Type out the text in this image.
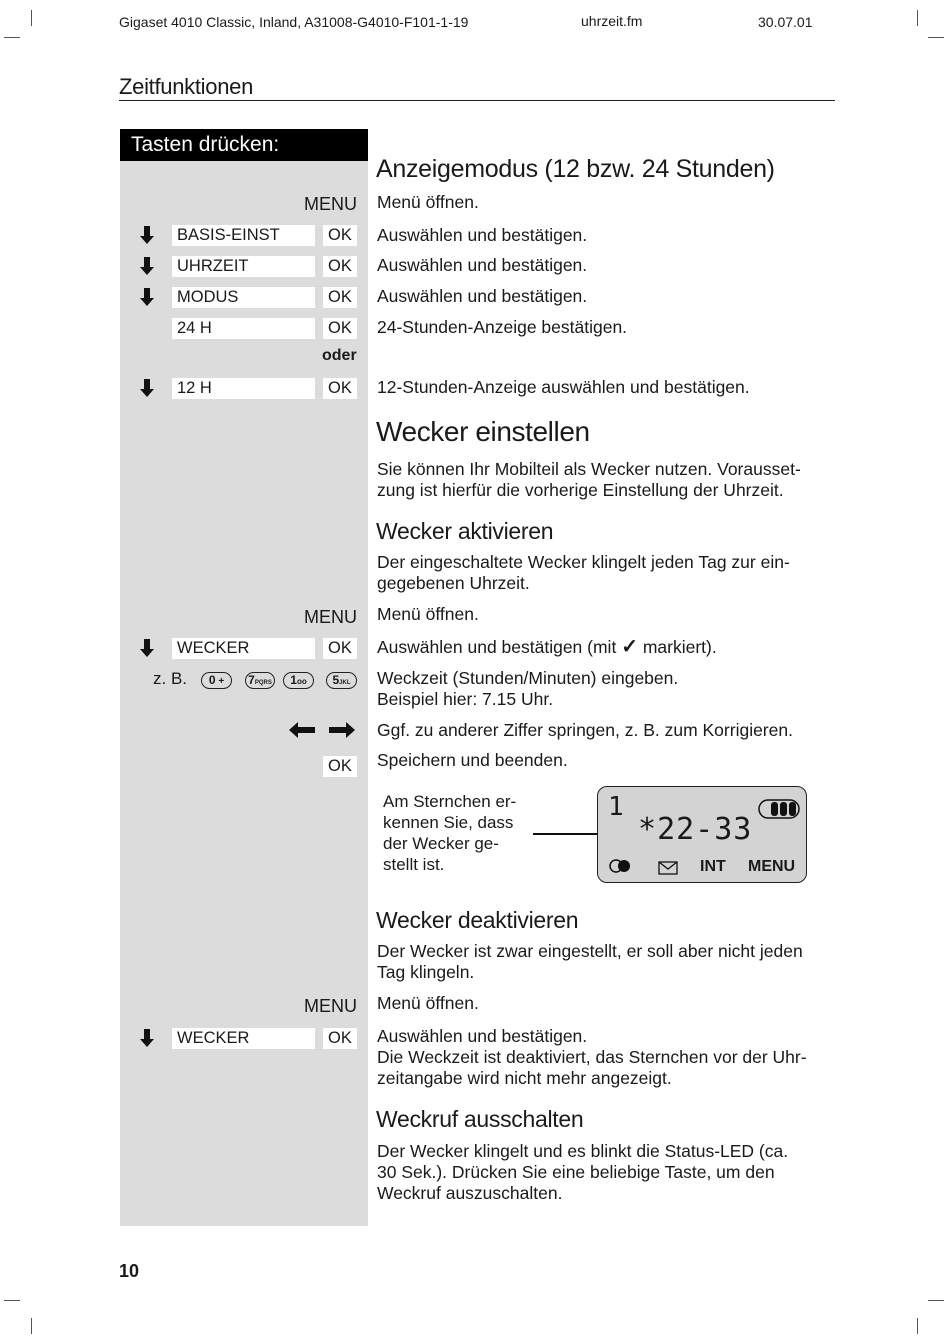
Gigaset 4010 Classic, Inland, A31008-G4010-F101-1-19	uhrzeit.fm	30.07.01
Zeitfunktionen
Tasten drücken:
Anzeigemodus (12 bzw. 24 Stunden)
MENU Menü öffnen.
BASIS-EINST	OK Auswählen und bestätigen.
UHRZEIT	OK Auswählen und bestätigen.
MODUS	OK Auswählen und bestätigen.
24 H	OK 24-Stunden-Anzeige bestätigen.
oder
12 H	OK 12-Stunden-Anzeige auswählen und bestätigen.
Wecker einstellen
Sie können Ihr Mobilteil als Wecker nutzen. Vorausset-
zung ist hierfür die vorherige Einstellung der Uhrzeit.
Wecker aktivieren
Der eingeschaltete Wecker klingelt jeden Tag zur ein-
gegebenen Uhrzeit.
MENU Menü öffnen.
WECKER	OK Auswählen und bestätigen (mit ✓ markiert).
z. B.	0 +	7PQRS	1oo	5JKL	Weckzeit (Stunden/Minuten) eingeben.
Beispiel hier: 7.15 Uhr.
Ggf. zu anderer Ziffer springen, z. B. zum Korrigieren.
OK Speichern und beenden.
Am Sternchen er-
kennen Sie, dass
der Wecker ge-
stellt ist.
1
*22-33
INT MENU
Wecker deaktivieren
Der Wecker ist zwar eingestellt, er soll aber nicht jeden
Tag klingeln.
MENU Menü öffnen.
WECKER	OK Auswählen und bestätigen.
Die Weckzeit ist deaktiviert, das Sternchen vor der Uhr-
zeitangabe wird nicht mehr angezeigt.
Weckruf ausschalten
Der Wecker klingelt und es blinkt die Status-LED (ca.
30 Sek.). Drücken Sie eine beliebige Taste, um den
Weckruf auszuschalten.
10
